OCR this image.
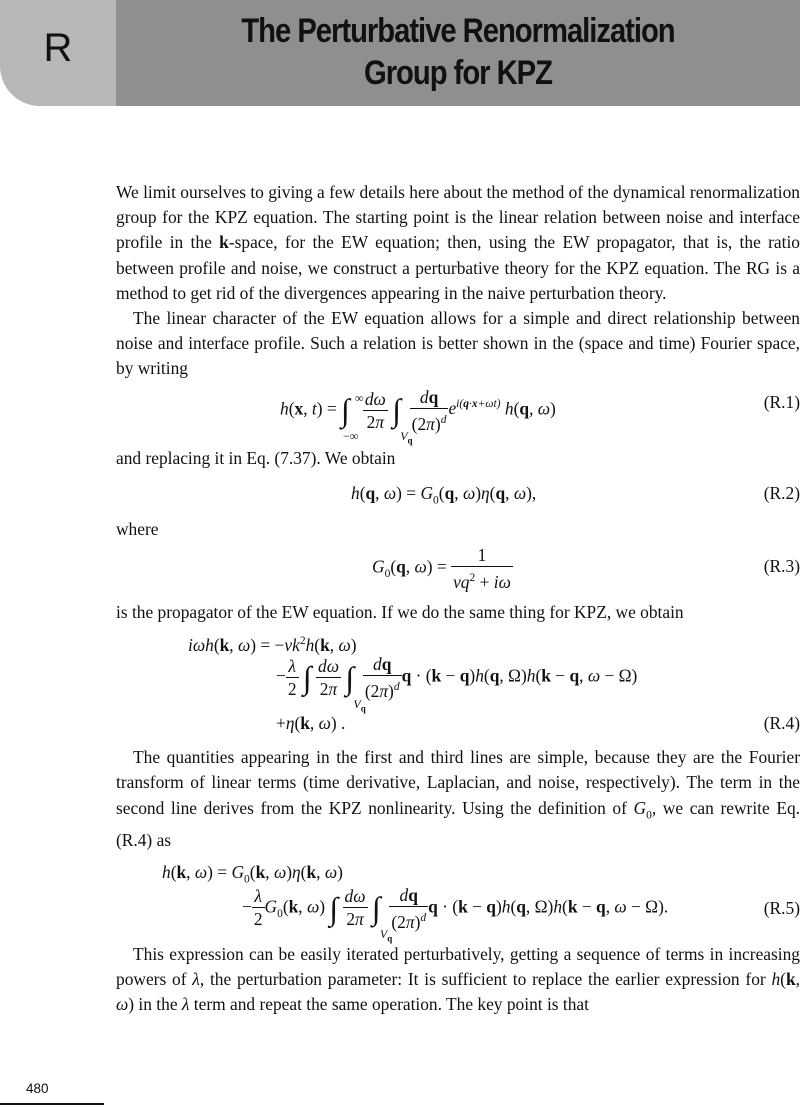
R	The Perturbative Renormalization
Group for KPZ

We limit ourselves to giving a few details here about the method of the dynamical renormalization group for the KPZ equation. The starting point is the linear relation between noise and interface profile in the k-space, for the EW equation; then, using the EW propagator, that is, the ratio between profile and noise, we construct a perturbative theory for the KPZ equation. The RG is a method to get rid of the divergences appearing in the naive perturbation theory.

The linear character of the EW equation allows for a simple and direct relationship between noise and interface profile. Such a relation is better shown in the (space and time) Fourier space, by writing

h(x, t) = ∫ ∞
−∞

$\frac{d\omega}{2\pi}$ ∫
$V_q$

$\frac{dq}{(2\pi)^d} e^{i(q\cdot x+\omega t)}$ h(q, ω)	(R.1)

and replacing it in Eq. (7.37). We obtain

h(q, $\omega) = G_0(q$, ω)η(q, ω),	(R.2)

where

$G_0(q$, $\omega) = \frac{1}{\nu q^2 + i\omega}$	(R.3)

is the propagator of the EW equation. If we do the same thing for KPZ, we obtain

iωh(k, $\omega) = -\nu k^2h(k$, ω)
− $\frac{\lambda}{2}$ ∫ $\frac{d\omega}{2\pi}$ ∫
$V_q$

$\frac{dq}{(2\pi)^d}$ q · (k − q)h(q, Ω)h(k − q, ω − Ω)
+η(k, ω) .	(R.4)

The quantities appearing in the first and third lines are simple, because they are the Fourier transform of linear terms (time derivative, Laplacian, and noise, respectively). The term in the second line derives from the KPZ nonlinearity. Using the definition of $G_0$, we can rewrite Eq. (R.4) as

h(k, $\omega) = G_0(k$, ω)η(k, ω)
− $\frac{\lambda}{2} G_0(k$, ω) ∫ $\frac{d\omega}{2\pi}$ ∫
$V_q$

$\frac{dq}{(2\pi)^d}$ q · (k − q)h(q, Ω)h(k − q, ω − Ω).	(R.5)

This expression can be easily iterated perturbatively, getting a sequence of terms in increasing powers of λ, the perturbation parameter: It is sufficient to replace the earlier expression for h(k, ω) in the λ term and repeat the same operation. The key point is that

480
